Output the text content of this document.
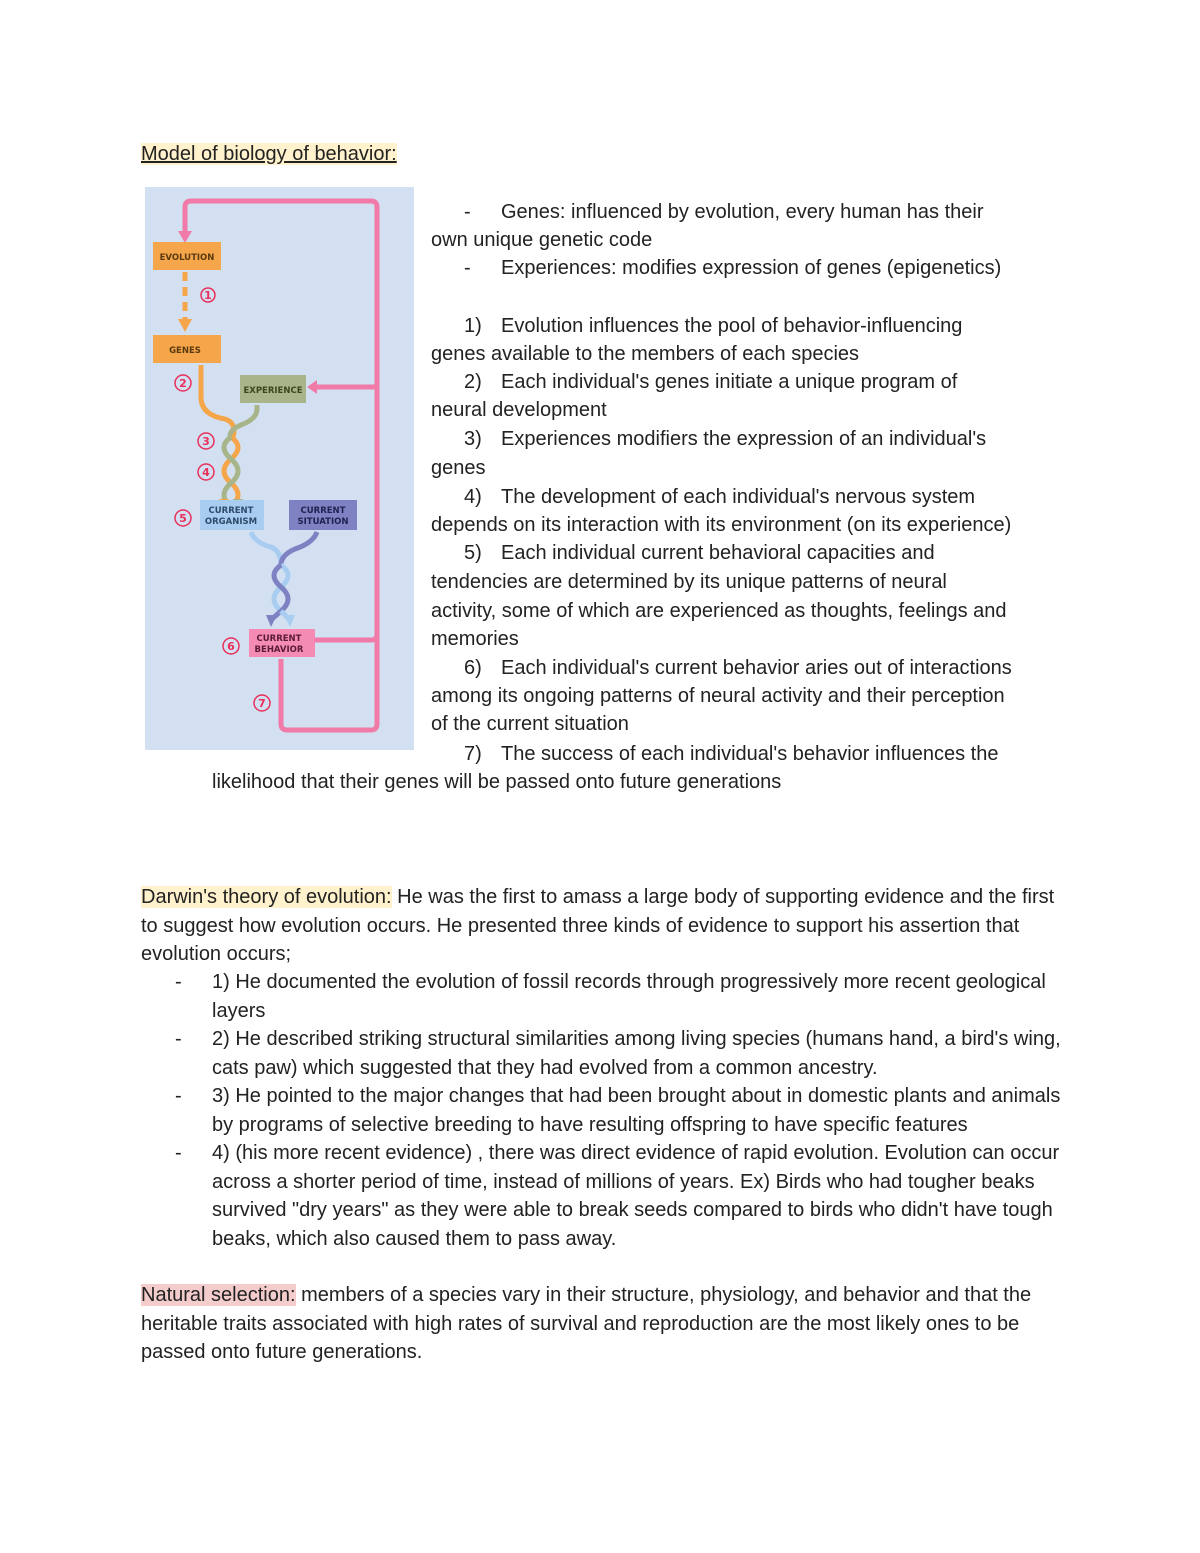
Model of biology of behavior:
EVOLUTION
1
GENES
2
EXPERIENCE
3
4
CURRENT
ORGANISM
5
CURRENT
SITUATION
CURRENT
BEHAVIOR
6
7
- Genes: influenced by evolution, every human has their
own unique genetic code
- Experiences: modifies expression of genes (epigenetics)
1) Evolution influences the pool of behavior-influencing
genes available to the members of each species
2) Each individual's genes initiate a unique program of
neural development
3) Experiences modifiers the expression of an individual's
genes
4) The development of each individual's nervous system
depends on its interaction with its environment (on its experience)
5) Each individual current behavioral capacities and
tendencies are determined by its unique patterns of neural
activity, some of which are experienced as thoughts, feelings and
memories
6) Each individual's current behavior aries out of interactions
among its ongoing patterns of neural activity and their perception
of the current situation
7) The success of each individual's behavior influences the
likelihood that their genes will be passed onto future generations
Darwin's theory of evolution: He was the first to amass a large body of supporting evidence and the first to suggest how evolution occurs. He presented three kinds of evidence to support his assertion that evolution occurs;
- 1) He documented the evolution of fossil records through progressively more recent geological layers
- 2) He described striking structural similarities among living species (humans hand, a bird's wing, cats paw) which suggested that they had evolved from a common ancestry.
- 3) He pointed to the major changes that had been brought about in domestic plants and animals by programs of selective breeding to have resulting offspring to have specific features
- 4) (his more recent evidence) , there was direct evidence of rapid evolution. Evolution can occur across a shorter period of time, instead of millions of years. Ex) Birds who had tougher beaks survived "dry years" as they were able to break seeds compared to birds who didn't have tough beaks, which also caused them to pass away.
Natural selection: members of a species vary in their structure, physiology, and behavior and that the heritable traits associated with high rates of survival and reproduction are the most likely ones to be passed onto future generations.
